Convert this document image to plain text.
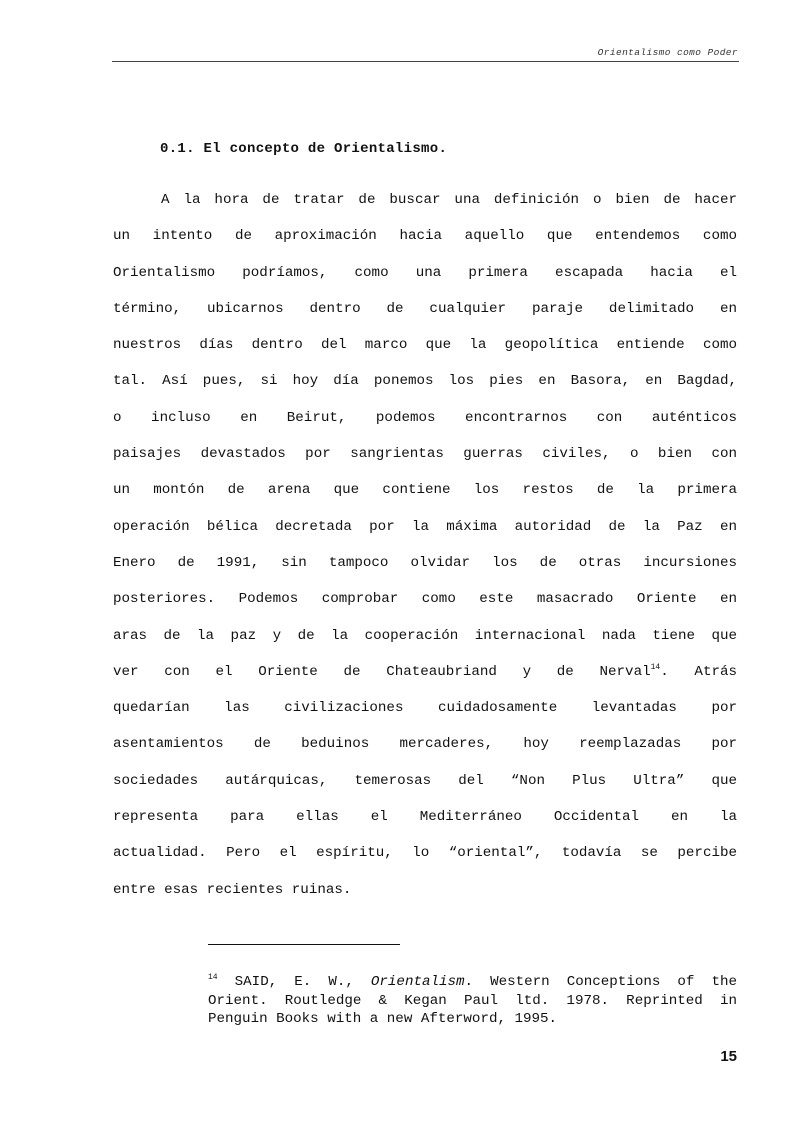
Orientalismo como Poder
0.1. El concepto de Orientalismo.
A la hora de tratar de buscar una definición o bien de hacer
un intento de aproximación hacia aquello que entendemos como
Orientalismo podríamos, como una primera escapada hacia el
término, ubicarnos dentro de cualquier paraje delimitado en
nuestros días dentro del marco que la geopolítica entiende como
tal. Así pues, si hoy día ponemos los pies en Basora, en Bagdad,
o incluso en Beirut, podemos encontrarnos con auténticos
paisajes devastados por sangrientas guerras civiles, o bien con
un montón de arena que contiene los restos de la primera
operación bélica decretada por la máxima autoridad de la Paz en
Enero de 1991, sin tampoco olvidar los de otras incursiones
posteriores. Podemos comprobar como este masacrado Oriente en
aras de la paz y de la cooperación internacional nada tiene que
ver con el Oriente de Chateaubriand y de Nerval$^{14}$. Atrás
quedarían las civilizaciones cuidadosamente levantadas por
asentamientos de beduinos mercaderes, hoy reemplazadas por
sociedades autárquicas, temerosas del “Non Plus Ultra” que
representa para ellas el Mediterráneo Occidental en la
actualidad. Pero el espíritu, lo “oriental”, todavía se percibe
entre esas recientes ruinas.
$^{14}$ SAID, E. W., Orientalism. Western Conceptions of the
Orient. Routledge & Kegan Paul ltd. 1978. Reprinted in
Penguin Books with a new Afterword, 1995.
15
